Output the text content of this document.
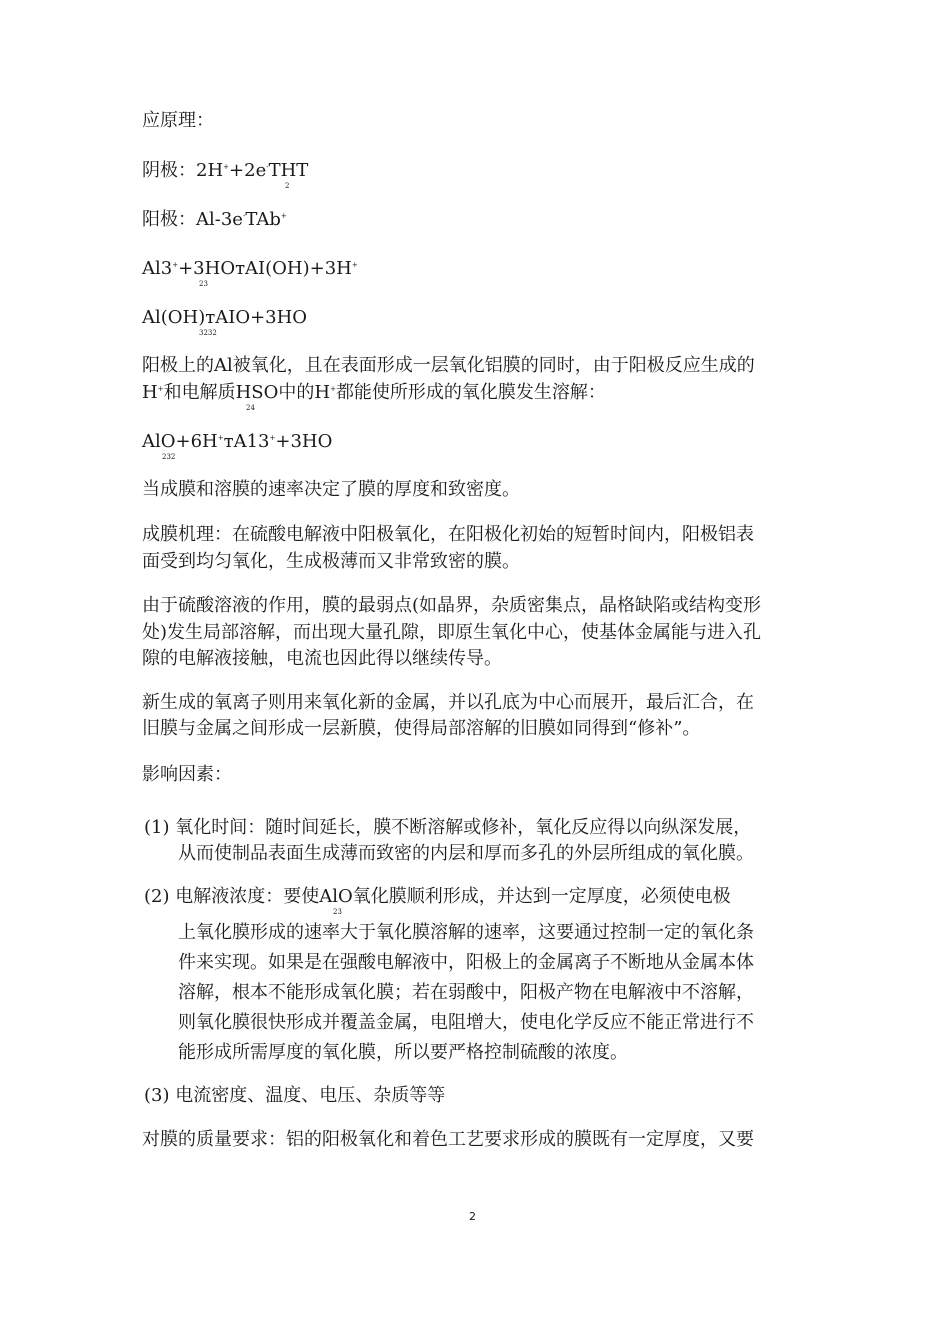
应原理：
阴极：2H++2e-THT
2
阳极：Al-3e-TAb+
Al3++3HOтAI(OH)+3H+
23
Al(OH)тAIO+3HO
3232
阳极上的Al被氧化，且在表面形成一层氧化铝膜的同时，由于阳极反应生成的
H+和电解质HSO中的H+都能使所形成的氧化膜发生溶解：
24
AlO+6H+тA13++3HO
232
当成膜和溶膜的速率决定了膜的厚度和致密度。
成膜机理：在硫酸电解液中阳极氧化，在阳极化初始的短暂时间内，阳极铝表
面受到均匀氧化，生成极薄而又非常致密的膜。
由于硫酸溶液的作用，膜的最弱点(如晶界，杂质密集点，晶格缺陷或结构变形
处)发生局部溶解，而出现大量孔隙，即原生氧化中心，使基体金属能与进入孔
隙的电解液接触，电流也因此得以继续传导。
新生成的氧离子则用来氧化新的金属，并以孔底为中心而展开，最后汇合，在
旧膜与金属之间形成一层新膜，使得局部溶解的旧膜如同得到“修补”。
影响因素：
(1) 氧化时间：随时间延长，膜不断溶解或修补，氧化反应得以向纵深发展，
从而使制品表面生成薄而致密的内层和厚而多孔的外层所组成的氧化膜。
(2) 电解液浓度：要使AlO氧化膜顺利形成，并达到一定厚度，必须使电极
23
上氧化膜形成的速率大于氧化膜溶解的速率，这要通过控制一定的氧化条
件来实现。如果是在强酸电解液中，阳极上的金属离子不断地从金属本体
溶解，根本不能形成氧化膜；若在弱酸中，阳极产物在电解液中不溶解，
则氧化膜很快形成并覆盖金属，电阻增大，使电化学反应不能正常进行不
能形成所需厚度的氧化膜，所以要严格控制硫酸的浓度。
(3) 电流密度、温度、电压、杂质等等
对膜的质量要求：铝的阳极氧化和着色工艺要求形成的膜既有一定厚度，又要
2
